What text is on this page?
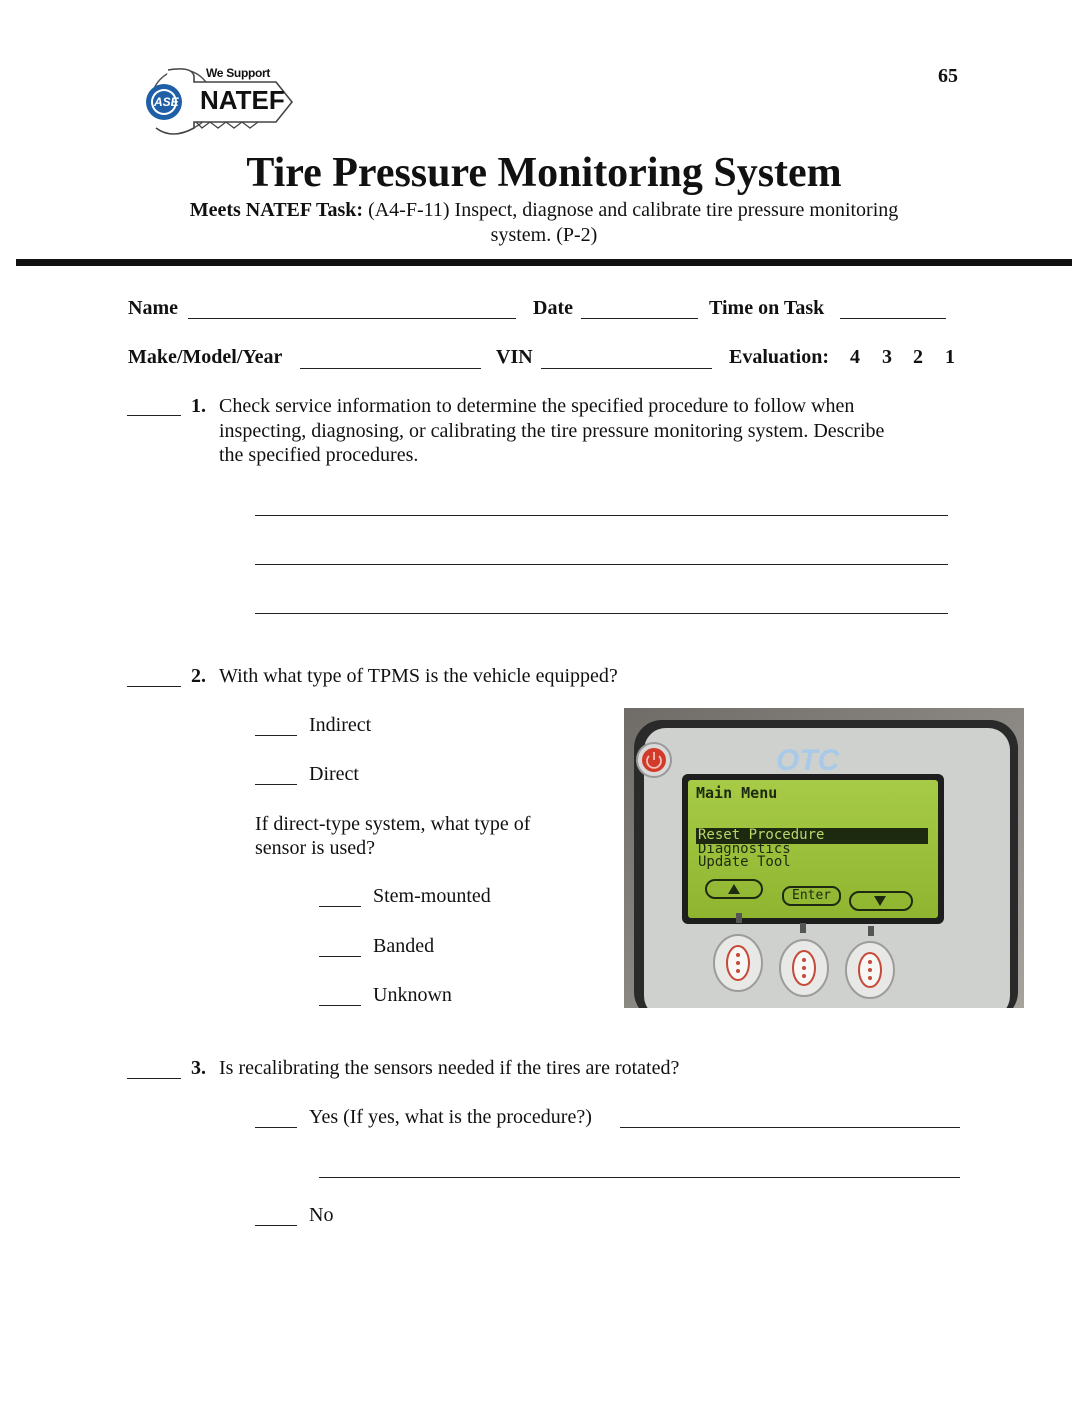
We Support
NATEF
ASE
65
Tire Pressure Monitoring System
Meets NATEF Task: (A4-F-11) Inspect, diagnose and calibrate tire pressure monitoring
system. (P-2)
Name	Date	Time on Task
Make/Model/Year	VIN	Evaluation: 4 3 2 1
1. Check service information to determine the specified procedure to follow when
inspecting, diagnosing, or calibrating the tire pressure monitoring system. Describe
the specified procedures.
2. With what type of TPMS is the vehicle equipped?
Indirect
Direct
If direct-type system, what type of
sensor is used?
Stem-mounted
Banded
Unknown
OTC
Main Menu
Reset Procedure
Diagnostics
Update Tool
Enter
3. Is recalibrating the sensors needed if the tires are rotated?
Yes (If yes, what is the procedure?)
No
